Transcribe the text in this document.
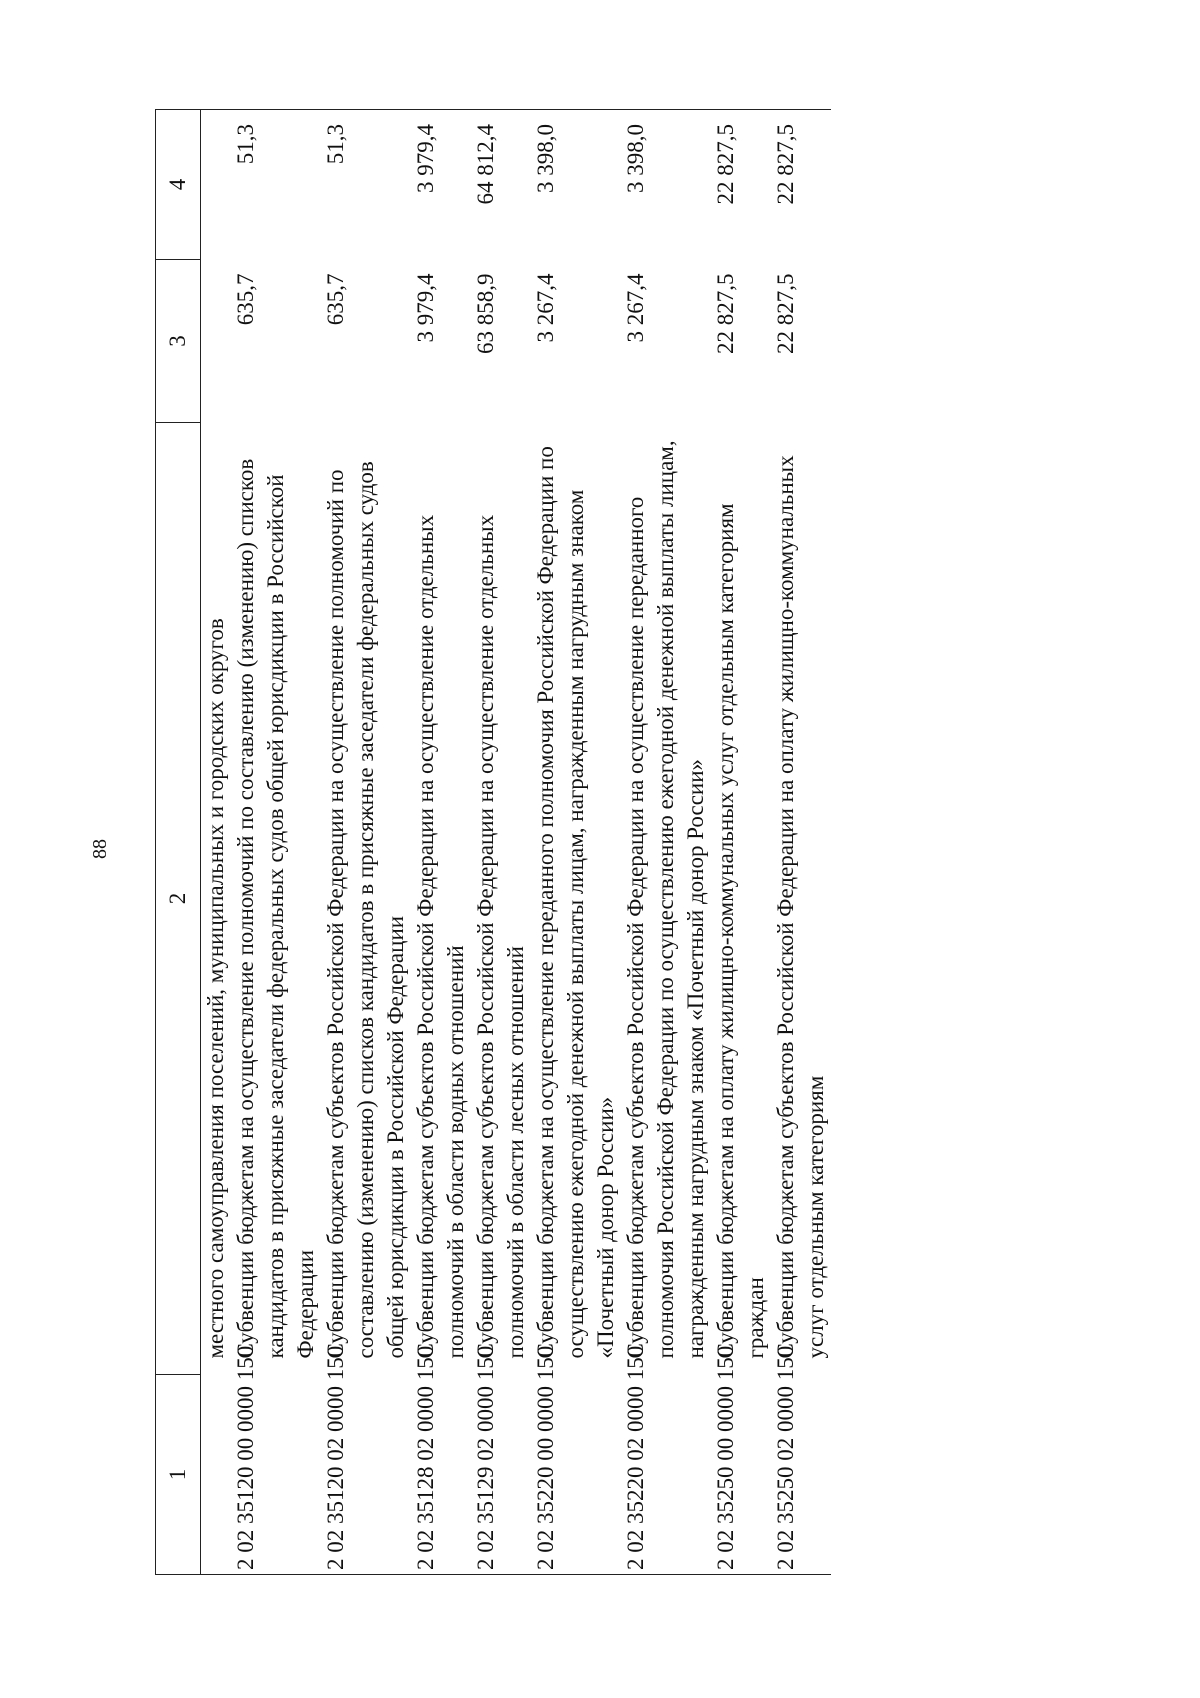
88
1	2	3	4
	местного самоуправления поселений, муниципальных и городских округов		
2 02 35120 00 0000 150	Субвенции бюджетам на осуществление полномочий по составлению (изменению) списков кандидатов в присяжные заседатели федеральных судов общей юрисдикции в Российской Федерации	635,7	51,3
2 02 35120 02 0000 150	Субвенции бюджетам субъектов Российской Федерации на осуществление полномочий по составлению (изменению) списков кандидатов в присяжные заседатели федеральных судов общей юрисдикции в Российской Федерации	635,7	51,3
2 02 35128 02 0000 150	Субвенции бюджетам субъектов Российской Федерации на осуществление отдельных полномочий в области водных отношений	3 979,4	3 979,4
2 02 35129 02 0000 150	Субвенции бюджетам субъектов Российской Федерации на осуществление отдельных полномочий в области лесных отношений	63 858,9	64 812,4
2 02 35220 00 0000 150	Субвенции бюджетам на осуществление переданного полномочия Российской Федерации по осуществлению ежегодной денежной выплаты лицам, награжденным нагрудным знаком «Почетный донор России»	3 267,4	3 398,0
2 02 35220 02 0000 150	Субвенции бюджетам субъектов Российской Федерации на осуществление переданного полномочия Российской Федерации по осуществлению ежегодной денежной выплаты лицам, награжденным нагрудным знаком «Почетный донор России»	3 267,4	3 398,0
2 02 35250 00 0000 150	Субвенции бюджетам на оплату жилищно-коммунальных услуг отдельным категориям граждан	22 827,5	22 827,5
2 02 35250 02 0000 150	Субвенции бюджетам субъектов Российской Федерации на оплату жилищно-коммунальных услуг отдельным категориям	22 827,5	22 827,5
